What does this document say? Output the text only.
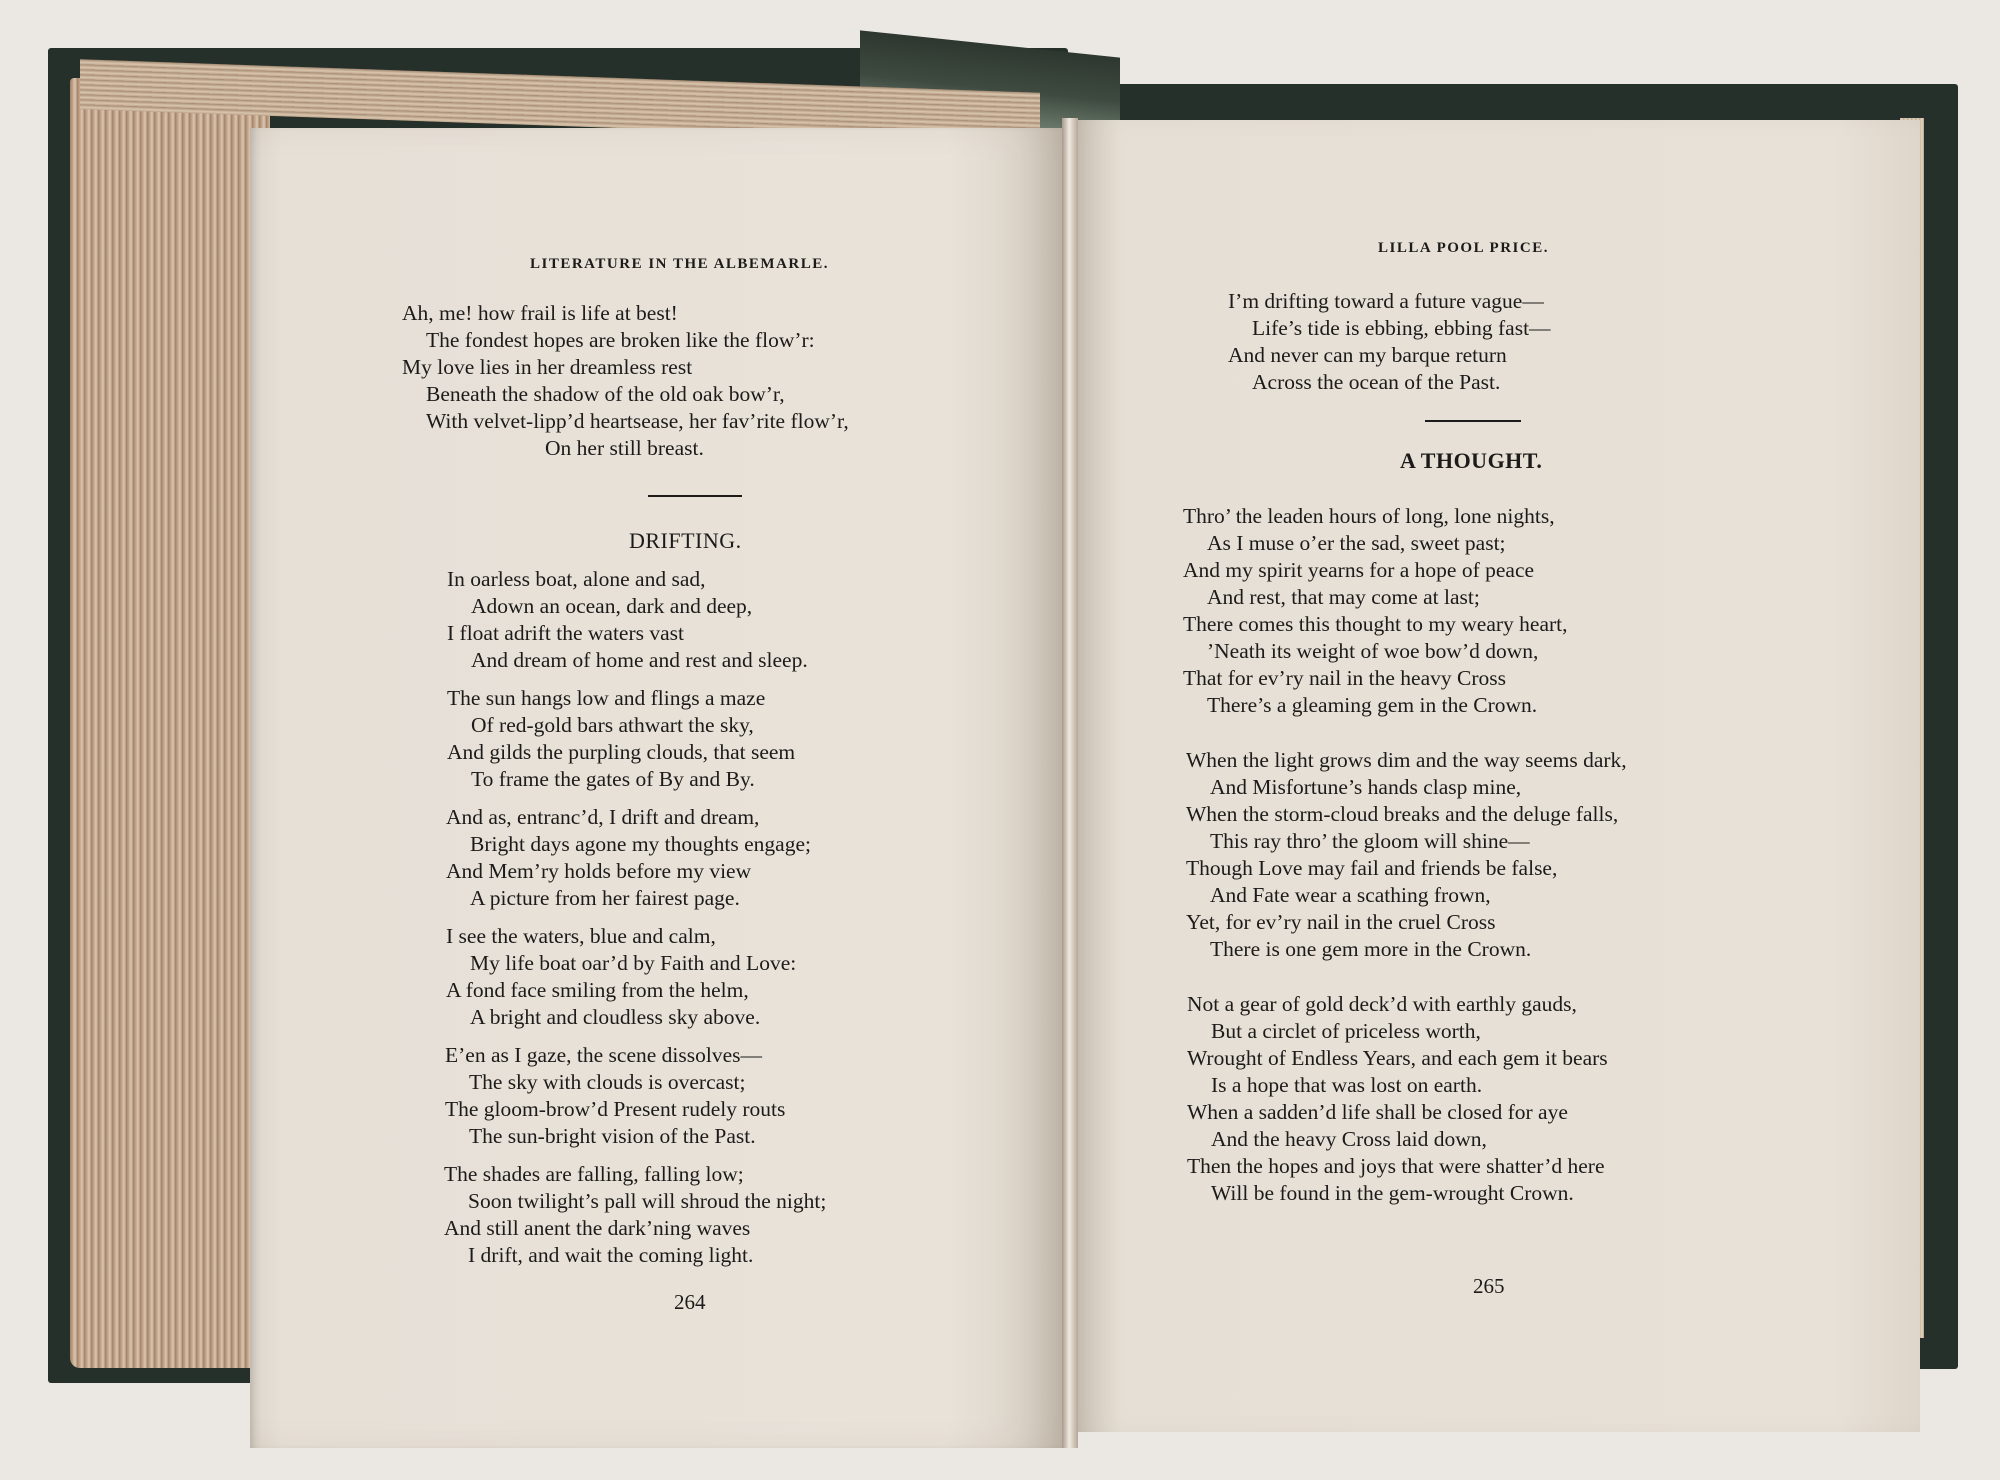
LITERATURE IN THE ALBEMARLE.
Ah, me! how frail is life at best!
The fondest hopes are broken like the flow’r:
My love lies in her dreamless rest
Beneath the shadow of the old oak bow’r,
With velvet-lipp’d heartsease, her fav’rite flow’r,
On her still breast.
DRIFTING.
In oarless boat, alone and sad,
Adown an ocean, dark and deep,
I float adrift the waters vast
And dream of home and rest and sleep.
The sun hangs low and flings a maze
Of red-gold bars athwart the sky,
And gilds the purpling clouds, that seem
To frame the gates of By and By.
And as, entranc’d, I drift and dream,
Bright days agone my thoughts engage;
And Mem’ry holds before my view
A picture from her fairest page.
I see the waters, blue and calm,
My life boat oar’d by Faith and Love:
A fond face smiling from the helm,
A bright and cloudless sky above.
E’en as I gaze, the scene dissolves—
The sky with clouds is overcast;
The gloom-brow’d Present rudely routs
The sun-bright vision of the Past.
The shades are falling, falling low;
Soon twilight’s pall will shroud the night;
And still anent the dark’ning waves
I drift, and wait the coming light.
264
LILLA POOL PRICE.
I’m drifting toward a future vague—
Life’s tide is ebbing, ebbing fast—
And never can my barque return
Across the ocean of the Past.
A THOUGHT.
Thro’ the leaden hours of long, lone nights,
As I muse o’er the sad, sweet past;
And my spirit yearns for a hope of peace
And rest, that may come at last;
There comes this thought to my weary heart,
’Neath its weight of woe bow’d down,
That for ev’ry nail in the heavy Cross
There’s a gleaming gem in the Crown.
When the light grows dim and the way seems dark,
And Misfortune’s hands clasp mine,
When the storm-cloud breaks and the deluge falls,
This ray thro’ the gloom will shine—
Though Love may fail and friends be false,
And Fate wear a scathing frown,
Yet, for ev’ry nail in the cruel Cross
There is one gem more in the Crown.
Not a gear of gold deck’d with earthly gauds,
But a circlet of priceless worth,
Wrought of Endless Years, and each gem it bears
Is a hope that was lost on earth.
When a sadden’d life shall be closed for aye
And the heavy Cross laid down,
Then the hopes and joys that were shatter’d here
Will be found in the gem-wrought Crown.
265
